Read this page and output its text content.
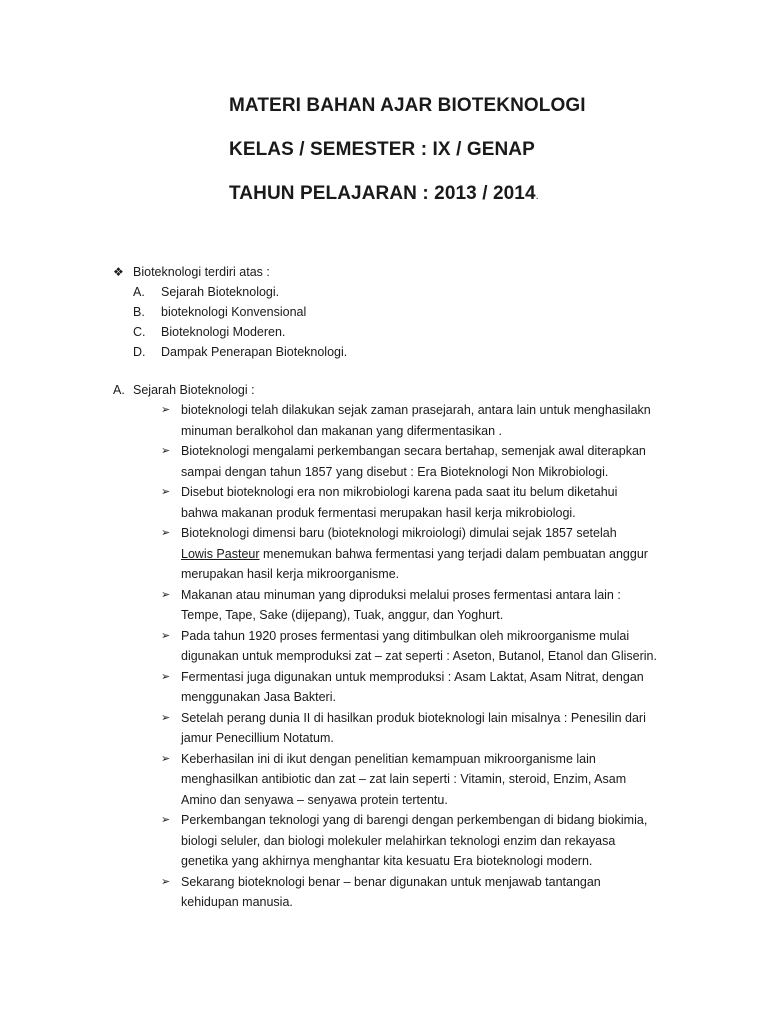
MATERI BAHAN AJAR BIOTEKNOLOGI
KELAS / SEMESTER : IX / GENAP
TAHUN PELAJARAN : 2013 / 2014.
❖ Bioteknologi terdiri atas :
A. Sejarah Bioteknologi.
B. bioteknologi Konvensional
C. Bioteknologi Moderen.
D. Dampak Penerapan Bioteknologi.
A. Sejarah Bioteknologi :
➢ bioteknologi telah dilakukan sejak zaman prasejarah, antara lain untuk menghasilakn
minuman beralkohol dan makanan yang difermentasikan .
➢ Bioteknologi mengalami perkembangan secara bertahap, semenjak awal diterapkan
sampai dengan tahun 1857 yang disebut : Era Bioteknologi Non Mikrobiologi.
➢ Disebut bioteknologi era non mikrobiologi karena pada saat itu belum diketahui
bahwa makanan produk fermentasi merupakan hasil kerja mikrobiologi.
➢ Bioteknologi dimensi baru (bioteknologi mikroiologi) dimulai sejak 1857 setelah
Lowis Pasteur menemukan bahwa fermentasi yang terjadi dalam pembuatan anggur
merupakan hasil kerja mikroorganisme.
➢ Makanan atau minuman yang diproduksi melalui proses fermentasi antara lain :
Tempe, Tape, Sake (dijepang), Tuak, anggur, dan Yoghurt.
➢ Pada tahun 1920 proses fermentasi yang ditimbulkan oleh mikroorganisme mulai
digunakan untuk memproduksi zat – zat seperti : Aseton, Butanol, Etanol dan Gliserin.
➢ Fermentasi juga digunakan untuk memproduksi : Asam Laktat, Asam Nitrat, dengan
menggunakan Jasa Bakteri.
➢ Setelah perang dunia II di hasilkan produk bioteknologi lain misalnya : Penesilin dari
jamur Penecillium Notatum.
➢ Keberhasilan ini di ikut dengan penelitian kemampuan mikroorganisme lain
menghasilkan antibiotic dan zat – zat lain seperti : Vitamin, steroid, Enzim, Asam
Amino dan senyawa – senyawa protein tertentu.
➢ Perkembangan teknologi yang di barengi dengan perkembengan di bidang biokimia,
biologi seluler, dan biologi molekuler melahirkan teknologi enzim dan rekayasa
genetika yang akhirnya menghantar kita kesuatu Era bioteknologi modern.
➢ Sekarang bioteknologi benar – benar digunakan untuk menjawab tantangan
kehidupan manusia.
